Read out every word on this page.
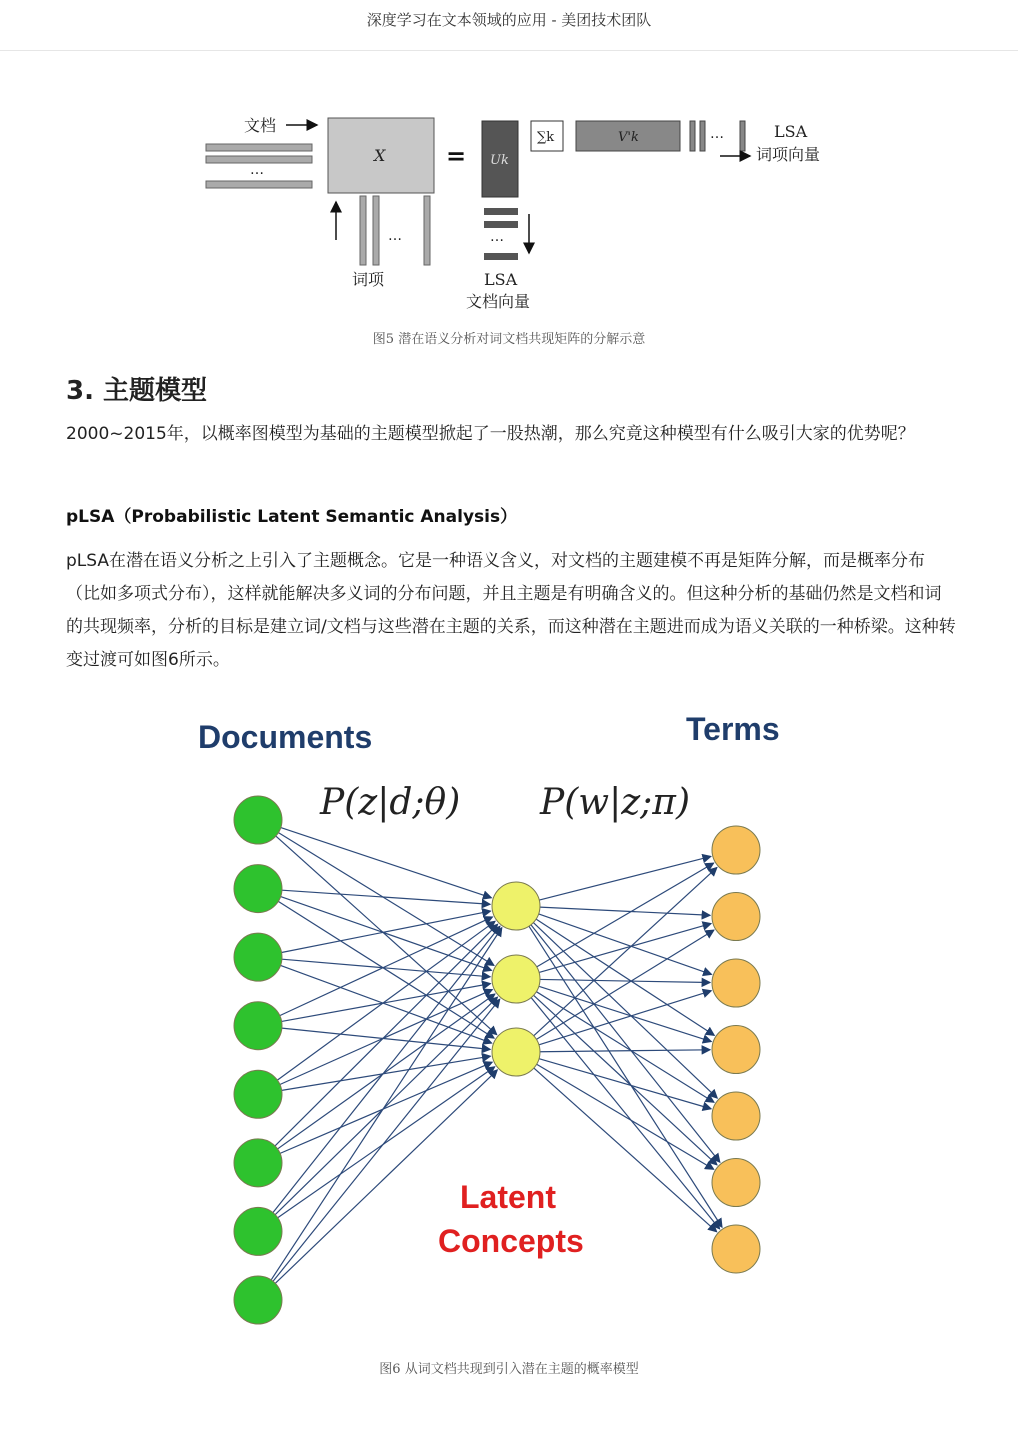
深度学习在文本领域的应用 - 美团技术团队
文档
…
X
…
词项
= Uk
…
LSA
文档向量
∑k	V'k	…	LSA
词项向量
图5 潜在语义分析对词文档共现矩阵的分解示意
3. 主题模型
2000~2015年，以概率图模型为基础的主题模型掀起了一股热潮，那么究竟这种模型有什么吸引大家的优势呢？
pLSA（Probabilistic Latent Semantic Analysis）
pLSA在潜在语义分析之上引入了主题概念。它是一种语义含义，对文档的主题建模不再是矩阵分解，而是概率分布（比如多项式分布），这样就能解决多义词的分布问题，并且主题是有明确含义的。但这种分析的基础仍然是文档和词的共现频率，分析的目标是建立词/文档与这些潜在主题的关系，而这种潜在主题进而成为语义关联的一种桥梁。这种转变过渡可如图6所示。
Documents	Terms
P(z|d;θ) P(w|z;π)
Latent
Concepts
图6 从词文档共现到引入潜在主题的概率模型
